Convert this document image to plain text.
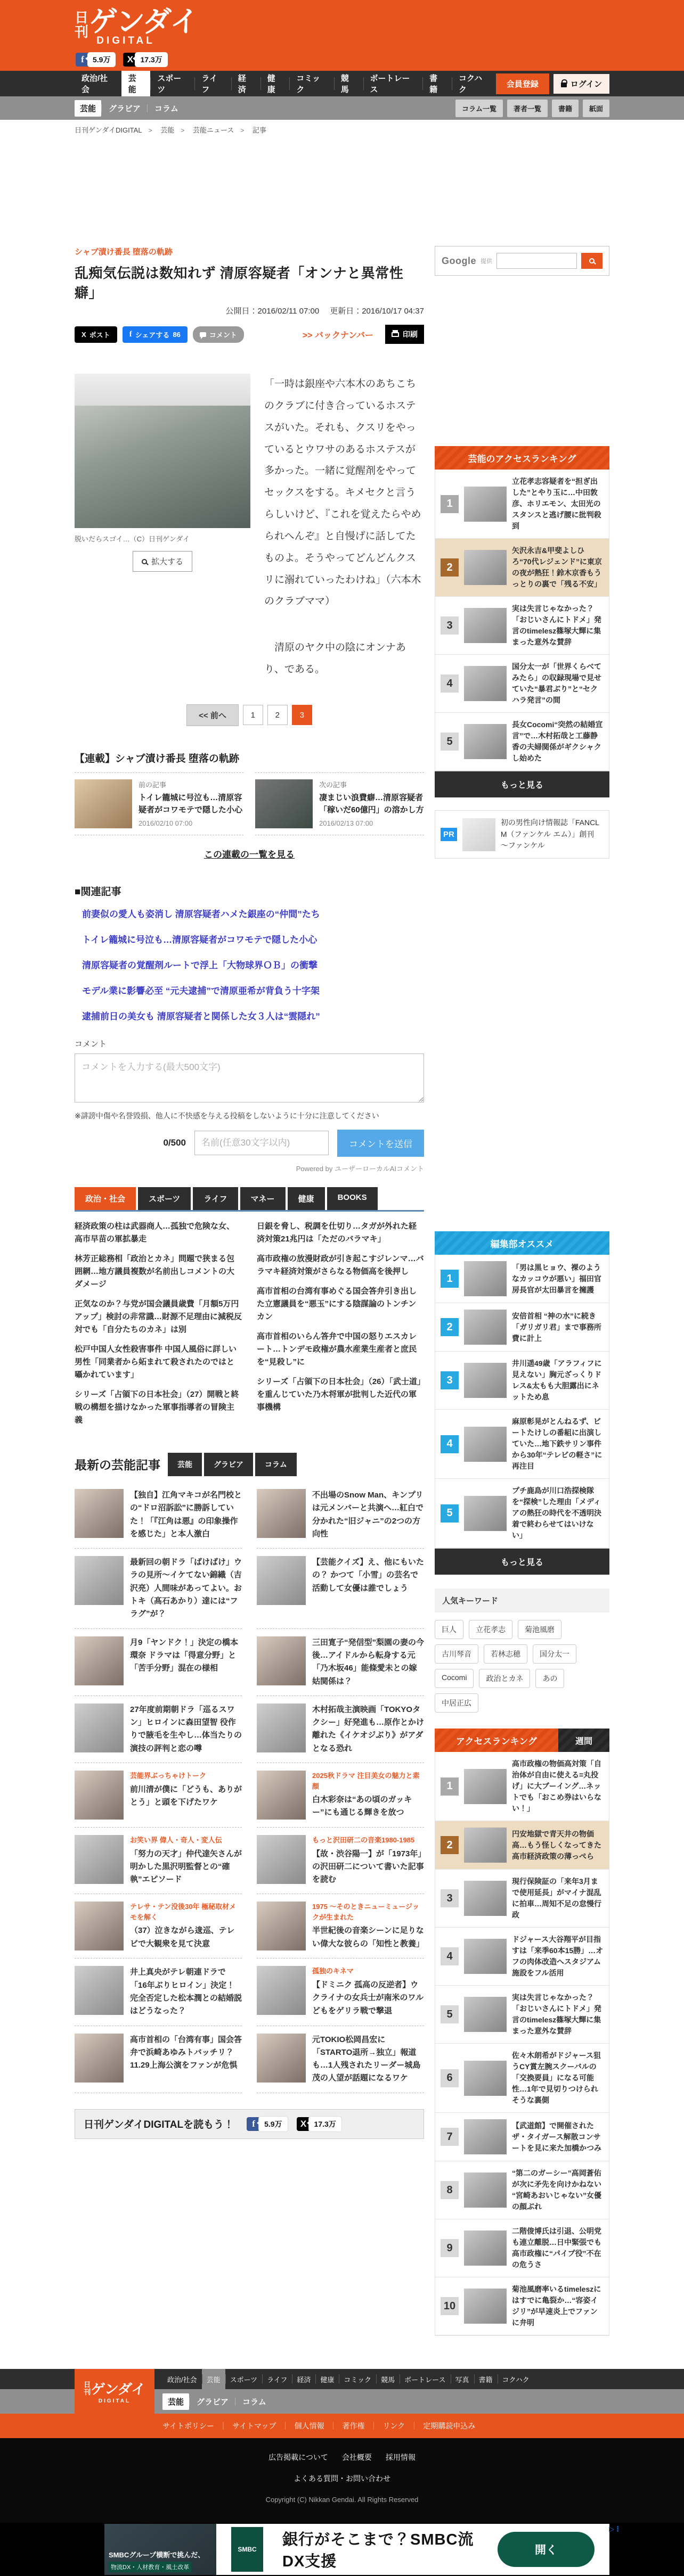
日刊 ゲンダイ
DIGITAL
f	5.9万	X 17.3万
政治/社会
芸能
スポーツ
ライフ
経済
健康
コミック
競馬
ボートレース
書籍
コクハク
会員登録	ログイン
芸能	｜ グラビア	｜ コラム	コラム一覧	著者一覧	書籍	紙面
日刊ゲンダイDIGITAL　>　	芸能　>　	芸能ニュース　>　	記事
シャブ漬け番長 堕落の軌跡
乱痴気伝説は数知れず 清原容疑者「オンナと異常性癖」
公開日：2016/02/11 07:00 更新日：2016/10/17 04:37
X ポスト f シェアする 86	コメント	>> バックナンバー	印刷
脱いだらスゴイ…（C）日刊ゲンダイ
拡大する

「一時は銀座や六本木のあちこちのクラブに付き合っているホステスがいた。それも、クスリをやっているとウワサのあるホステスが多かった。一緒に覚醒剤をやってセックスをする。キメセクと言うらしいけど、『これを覚えたらやめられへんぞ』と自慢げに話してたものよ。そうやってどんどんクスリに溺れていったわけね」（六本木のクラブママ）

清原のヤク中の陰にオンナあり、である。

<< 前へ	1	2	3
【連載】シャブ漬け番長 堕落の軌跡
前の記事
トイレ籠城に号泣も…清原容疑者がコワモテで隠した小心
2016/02/10 07:00
次の記事
凄まじい浪費癖…清原容疑者「稼いだ60億円」の溶かし方
2016/02/13 07:00
この連載の一覧を見る
■関連記事
前妻似の愛人も姿消し 清原容疑者ハメた銀座の“仲間”たち
トイレ籠城に号泣も…清原容疑者がコワモテで隠した小心
清原容疑者の覚醒剤ルートで浮上「大物球界ＯＢ」の衝撃
モデル業に影響必至 “元夫逮捕”で清原亜希が背負う十字架
逮捕前日の美女も 清原容疑者と関係した女３人は“雲隠れ”
コメント
コメントを入力する(最大500文字)
※誹謗中傷や名誉毀損、他人に不快感を与える投稿をしないように十分に注意してください
0/500
名前(任意30文字以内)	コメントを送信
Powered by ユーザーローカルAIコメント
政治・社会	スポーツ	ライフ	マネー	健康	BOOKS
経済政策の柱は武器商人…孤独で危険な女、高市早苗の軍拡暴走
林芳正総務相「政治とカネ」問題で狭まる包囲網…地方議員複数が名前出しコメントの大ダメージ
正気なのか？与党が国会議員歳費「月額5万円アップ」検討の非常識…財源不足理由に減税反対でも「自分たちのカネ」は別
松戸中国人女性殺害事件 中国人風俗に詳しい男性「同業者から妬まれて殺されたのではと囁かれています」
シリーズ「占領下の日本社会」（27）開戦と終戦の構想を描けなかった軍事指導者の冒険主義
日銀を脅し、税調を仕切り…タガが外れた経済対策21兆円は「ただのバラマキ」
高市政権の放漫財政が引き起こすジレンマ…バラマキ経済対策がさらなる物価高を後押し
高市首相の台湾有事めぐる国会答弁引き出した立憲議員を“悪玉”にする陰謀論のトンチンカン
高市首相のいらん答弁で中国の怒りエスカレート…トンデモ政権が農水産業生産者と庶民を“見殺し”に
シリーズ「占領下の日本社会」（26）「武士道」を重んじていた乃木将軍が批判した近代の軍事機構
最新の芸能記事	芸能	グラビア	コラム
【独自】江角マキコが名門校との“ドロ沼訴訟”に勝訴していた！「『江角は悪』の印象操作を感じた」と本人激白
不出場のSnow Man、キンプリは元メンバーと共演へ…紅白で分かれた“旧ジャニ”の2つの方向性
最新回の朝ドラ「ばけばけ」ウラの見所〜イケてない錦織（吉沢亮）人間味があってよい。おトキ（髙石あかり）達には“フラグ”が？
【芸能クイズ】え、他にもいたの？ かつて「小雪」の芸名で活動して女優は誰でしょう
月9「ヤンドク！」決定の橋本環奈 ドラマは「得意分野」と「苦手分野」混在の様相
三田寛子“発信型”梨園の妻の今後…アイドルから転身する元「乃木坂46」能條愛未との嫁姑関係は？
27年度前期朝ドラ「巡るスワン」ヒロインに森田望智 役作りで腋毛を生やし…体当たりの演技の評判と恋の噂
木村拓哉主演映画「TOKYOタクシー」好発進も…原作とかけ離れた《イケオジぶり》がアダとなる恐れ
芸能界ぶっちゃけトーク
前川清が僕に「どうも、ありがとう」と頭を下げたワケ
2025秋ドラマ 注目美女の魅力と素顔
白木彩奈は“あの頃のガッキー”にも通じる輝きを放つ
お笑い界 偉人・奇人・変人伝
「努力の天才」仲代達矢さんが明かした黒沢明監督との“確執”エピソード
もっと沢田研二の音楽1980-1985
【故・渋谷陽一】が「1973年」の沢田研二について書いた記事を読む
テレサ・テン没後30年 極秘取材メモを解く
（37）泣きながら逡巡、テレビで大観衆を見て決意
1975 〜そのときニューミュージックが生まれた
半世紀後の音楽シーンに足りない偉大な彼らの「知性と教養」
井上真央がテレ朝連ドラで「16年ぶりヒロイン」決定！ 完全否定した松本潤との結婚説はどうなった？
孤独のキネマ
【ドミニク 孤高の反逆者】ウクライナの女兵士が南米のワルどもをゲリラ戦で撃退
高市首相の「台湾有事」国会答弁で浜崎あゆみトバッチリ？ 11.29上海公演をファンが危惧
元TOKIO松岡昌宏に「STARTO退所→独立」報道も…1人残されたリーダー城島茂の人望が話題になるワケ
日刊ゲンダイDIGITALを読もう！	f	5.9万	X	17.3万
Google 提供
芸能のアクセスランキング
1
立花孝志容疑者を“担ぎ出した”とやり玉に…中田敦彦、ホリエモン、太田光のスタンスと逃げ腰に批判殺到
2
矢沢永吉&甲斐よしひろ“70代レジェンド”に東京の夜が熱狂！鈴木京香もうっとりの裏で「残る不安」
3
実は失言じゃなかった？ 「おじいさんにトドメ」発言のtimelesz篠塚大輝に集まった意外な賛辞
4
国分太一が「世界くらべてみたら」の収録現場で見せていた“暴君ぶり”と“セクハラ発言”の間
5
長女Cocomi“突然の結婚宣言”で…木村拓哉と工藤静香の夫婦関係がギクシャクし始めた
もっと見る
PR
初の男性向け情報誌「FANCL M（ファンケル エム）」創刊 〜ファンケル
編集部オススメ
1
「男は黒ヒョウ、裸のようなカッコウが悪い」福田官房長官が太田暴言を擁護
2
安倍首相 “神の水”に続き「ガリガリ君」まで事務所費に計上
3
井川遥49歳「アラフィフに見えない」胸元ざっくりドレス&太もも大胆露出にネットため息
4
麻原彰晃がとんねるず、ビートたけしの番組に出演していた…地下鉄サリン事件から30年“テレビの軽さ”に再注目
5
プチ鹿島が川口浩探検隊を“探検”した理由「メディアの熱狂の時代を不透明決着で終わらせてはいけない」
もっと見る
人気キーワード
巨人	立花孝志	菊池風磨
古川琴音	若林志穂	国分太一
Cocomi	政治とカネ	あの
中居正広
アクセスランキング	週間
1
高市政権の物価高対策「自治体が自由に使える=丸投げ」に大ブーイング…ネットでも「おこめ券はいらない！」
2
円安地獄で青天井の物価高…もう怪しくなってきた高市経済政策の薄っぺら
3
現行保険証の「来年3月まで使用延長」がマイナ混乱に拍車…周知不足の怠慢行政
4
ドジャース大谷翔平が目指すは「来季60本15勝」…オフの肉体改造へスタジアム施設をフル活用
5
実は失言じゃなかった？ 「おじいさんにトドメ」発言のtimelesz篠塚大輝に集まった意外な賛辞
6
佐々木朗希がドジャース狙うCY賞左腕スクーバルの「交換要員」になる可能性…1年で見切りつけられそうな裏側
7
【武道館】で開催されたザ・タイガース解散コンサートを見に来た加橋かつみ
8
“第二のガーシー”高岡蒼佑が次に矛先を向けかねない “宮崎あおいじゃない”女優の顔ぶれ
9
二階俊博氏は引退、公明党も連立離脱…日中緊張でも高市政権に“パイプ役”不在の危うさ
10
菊池風磨率いるtimeleszにはすでに亀裂か…“容姿イジリ”が早速炎上でファンに弁明
日刊
ゲンダイ
DIGITAL
政治/社会	芸能	スポーツ	ライフ	経済	健康	コミック	競馬	ボートレース	写真	書籍	コクハク
芸能	｜ グラビア	｜ コラム
サイトポリシー ｜	サイトマップ ｜	個人情報 ｜	著作権 ｜	リンク ｜	定期購読申込み
広告掲載について 会社概要 採用情報
よくある質問・お問い合わせ
Copyright (C) Nikkan Gendai. All Rights Reserved
SMBCグループ横断で挑んだ、
物流DX・人材教育・風土改革
SMBC
銀行がそこまで？SMBC流DX支援
開く
▷⋮
